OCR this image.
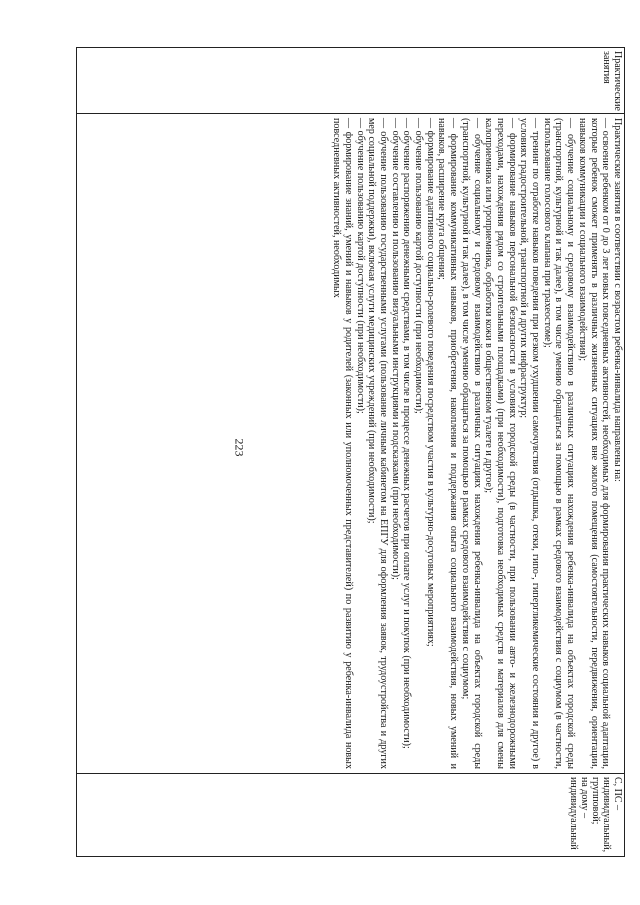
223
Практические занятия

Практические занятия в соответствии с возрастом ребенка-инвалида направлены на:

— освоение ребенком от 0 до 3 лет новых повседневных активностей, необходимых для формирования практических навыков социальной адаптации, которые ребенок сможет применять в различных жизненных ситуациях вне жилого помещения (самостоятельности, передвижения, ориентации, навыков коммуникации и социального взаимодействия);

— обучение социальному и средовому взаимодействию в различных ситуациях нахождения ребенка-инвалида на объектах городской среды (транспортной, культурной и так далее), в том числе умению обращаться за помощью в рамках средового взаимодействия с социумом (в частности, использование голосового клапана при трахеостоме);

— тренинг по отработке навыков поведения при резком ухудшении самочувствия (отдышка, отеки, гипо-, гипергликемические состояния и другое) в условиях градостроительной, транспортной и других инфраструктур;

— формирование навыков персональной безопасности в условиях городской среды (в частности, при пользовании авто- и железнодорожными переходами, нахождения рядом со строительными площадками) (при необходимости), подготовка необходимых средств и материалов для смены калоприемника или уроприемника, обработки кожи в общественном туалете и другое);

— обучение социальному и средовому взаимодействию в различных ситуациях нахождения ребенка-инвалида на объектах городской среды (транспортной, культурной и так далее), в том числе умению обращаться за помощью в рамках средового взаимодействия с социумом;

— формирование коммуникативных навыков, приобретения, накопления и поддержания опыта социального взаимодействия, новых умений и навыков, расширение круга общения;

— формирование адаптивного социально-ролевого поведения посредством участия в культурно-досуговых мероприятиях;

— обучение пользованию картой доступности (при необходимости);

— обучение распоряжению денежными средствами, в том числе в процессе денежных расчетов при оплате услуг и покупок (при необходимости);

— обучение составлению и пользованию визуальными инструкциями и подсказками (при необходимости);

— обучение пользованию государственными услугами (пользование личным кабинетом на ЕПГУ для оформления заявок, трудоустройства и других мер социальной поддержки), включая услуги медицинских учреждений (при необходимости);

— обучение пользованию картой доступности (при необходимости);

— формирование знаний, умений и навыков у родителей (законных или уполномоченных представителей) по развитию у ребенка-инвалида новых повседневных активностей, необходимых

С, ПС –

индивидуальный,

групповой;

на дому –

индивидуальный
